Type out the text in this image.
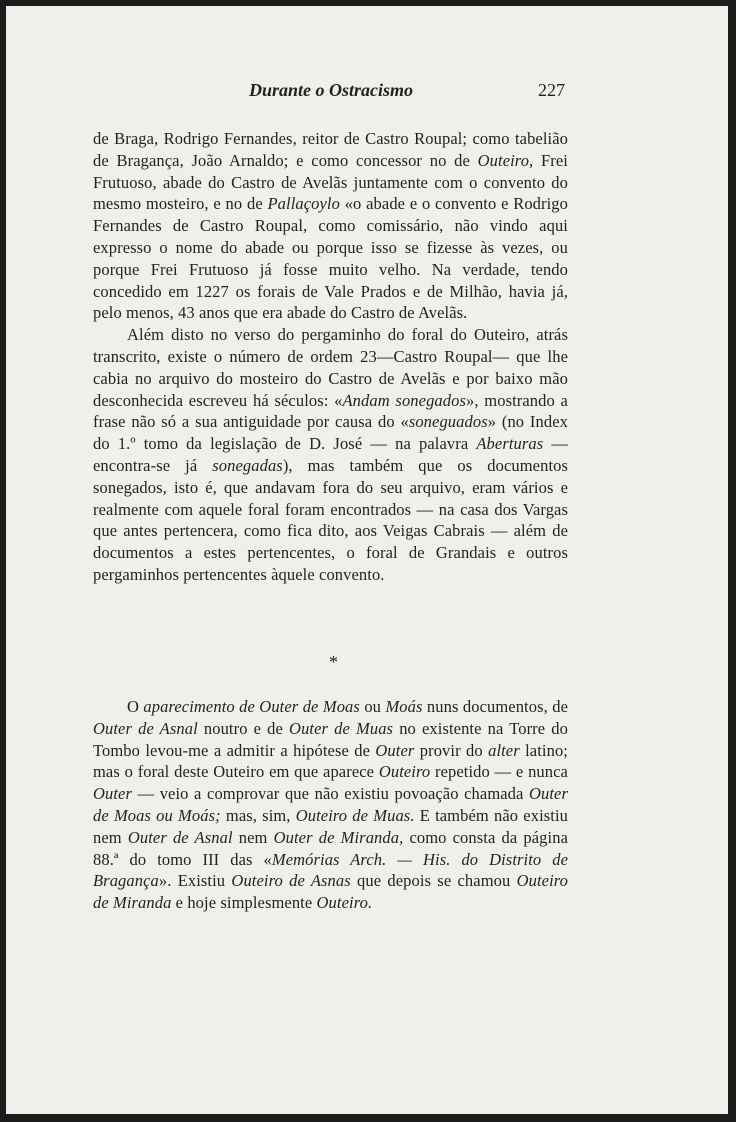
Durante o Ostracismo	227

de Braga, Rodrigo Fernandes, reitor de Castro Roupal; como tabelião de Bragança, João Arnaldo; e como concessor no de Outeiro, Frei Frutuoso, abade do Castro de Avelãs juntamente com o convento do mesmo mosteiro, e no de Pallaçoylo «o abade e o convento e Rodrigo Fernandes de Castro Roupal, como comissário, não vindo aqui expresso o nome do abade ou porque isso se fizesse às vezes, ou porque Frei Frutuoso já fosse muito velho. Na verdade, tendo concedido em 1227 os forais de Vale Prados e de Milhão, havia já, pelo menos, 43 anos que era abade do Castro de Avelãs.

Além disto no verso do pergaminho do foral do Outeiro, atrás transcrito, existe o número de ordem 23—Castro Roupal— que lhe cabia no arquivo do mosteiro do Castro de Avelãs e por baixo mão desconhecida escreveu há séculos: «Andam sonegados», mostrando a frase não só a sua antiguidade por causa do «soneguados» (no Index do 1.º tomo da legislação de D. José — na palavra Aberturas — encontra-se já sonegadas), mas também que os documentos sonegados, isto é, que andavam fora do seu arquivo, eram vários e realmente com aquele foral foram encontrados — na casa dos Vargas que antes pertencera, como fica dito, aos Veigas Cabrais — além de documentos a estes pertencentes, o foral de Grandais e outros pergaminhos pertencentes àquele convento.

*

O aparecimento de Outer de Moas ou Moás nuns documentos, de Outer de Asnal noutro e de Outer de Muas no existente na Torre do Tombo levou-me a admitir a hipótese de Outer provir do alter latino; mas o foral deste Outeiro em que aparece Outeiro repetido — e nunca Outer — veio a comprovar que não existiu povoação chamada Outer de Moas ou Moás; mas, sim, Outeiro de Muas. E também não existiu nem Outer de Asnal nem Outer de Miranda, como consta da página 88.ª do tomo III das «Memórias Arch. — His. do Distrito de Bragança». Existiu Outeiro de Asnas que depois se chamou Outeiro de Miranda e hoje simplesmente Outeiro.
